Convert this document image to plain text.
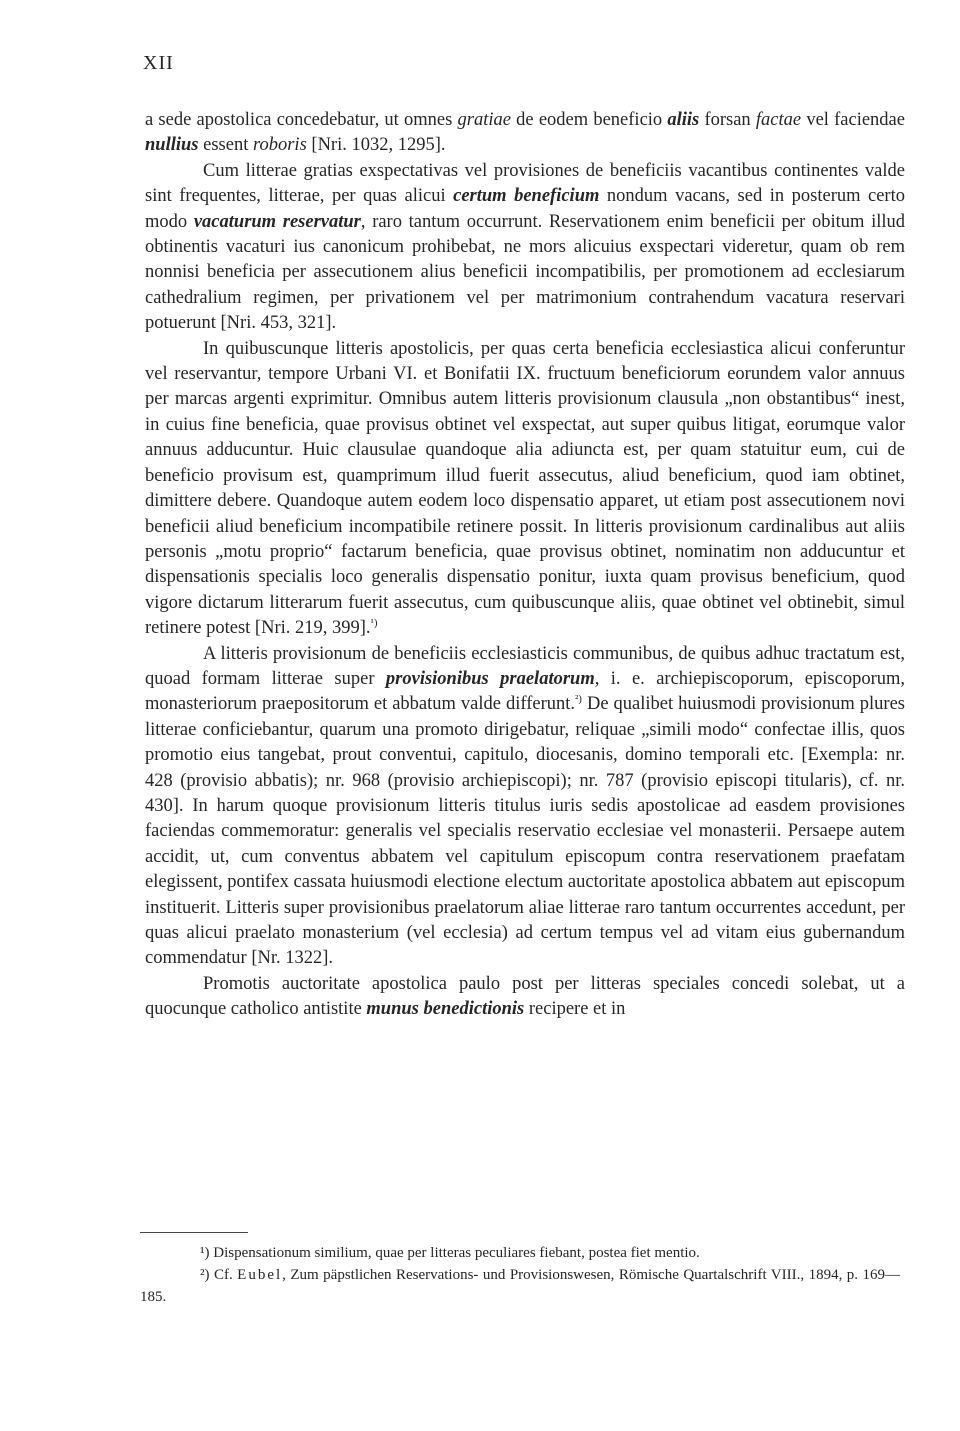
XII

a sede apostolica concedebatur, ut omnes gratiae de eodem beneficio aliis forsan factae vel faciendae nullius essent roboris [Nri. 1032, 1295].

Cum litterae gratias exspectativas vel provisiones de beneficiis vacantibus continentes valde sint frequentes, litterae, per quas alicui certum beneficium nondum vacans, sed in posterum certo modo vacaturum reservatur, raro tantum occurrunt. Reservationem enim beneficii per obitum illud obtinentis vacaturi ius canonicum prohibebat, ne mors alicuius exspectari videretur, quam ob rem nonnisi beneficia per assecutionem alius beneficii incompatibilis, per promotionem ad ecclesiarum cathedralium regimen, per privationem vel per matrimonium contrahendum vacatura reservari potuerunt [Nri. 453, 321].

In quibuscunque litteris apostolicis, per quas certa beneficia ecclesiastica alicui conferuntur vel reservantur, tempore Urbani VI. et Bonifatii IX. fructuum beneficiorum eorundem valor annuus per marcas argenti exprimitur. Omnibus autem litteris provisionum clausula „non obstantibus“ inest, in cuius fine beneficia, quae provisus obtinet vel exspectat, aut super quibus litigat, eorumque valor annuus adducuntur. Huic clausulae quandoque alia adiuncta est, per quam statuitur eum, cui de beneficio provisum est, quamprimum illud fuerit assecutus, aliud beneficium, quod iam obtinet, dimittere debere. Quandoque autem eodem loco dispensatio apparet, ut etiam post assecutionem novi beneficii aliud beneficium incompatibile retinere possit. In litteris provisionum cardinalibus aut aliis personis „motu proprio“ factarum beneficia, quae provisus obtinet, nominatim non adducuntur et dispensationis specialis loco generalis dispensatio ponitur, iuxta quam provisus beneficium, quod vigore dictarum litterarum fuerit assecutus, cum quibuscunque aliis, quae obtinet vel obtinebit, simul retinere potest [Nri. 219, 399].$^{^1)}$

A litteris provisionum de beneficiis ecclesiasticis communibus, de quibus adhuc tractatum est, quoad formam litterae super provisionibus praelatorum, i. e. archiepiscoporum, episcoporum, monasteriorum praepositorum et abbatum valde differunt.$^{^2)}$ De qualibet huiusmodi provisionum plures litterae conficiebantur, quarum una promoto dirigebatur, reliquae „simili modo“ confectae illis, quos promotio eius tangebat, prout conventui, capitulo, diocesanis, domino temporali etc. [Exempla: nr. 428 (provisio abbatis); nr. 968 (provisio archiepiscopi); nr. 787 (provisio episcopi titularis), cf. nr. 430]. In harum quoque provisionum litteris titulus iuris sedis apostolicae ad easdem provisiones faciendas commemoratur: generalis vel specialis reservatio ecclesiae vel monasterii. Persaepe autem accidit, ut, cum conventus abbatem vel capitulum episcopum contra reservationem praefatam elegissent, pontifex cassata huiusmodi electione electum auctoritate apostolica abbatem aut episcopum instituerit. Litteris super provisionibus praelatorum aliae litterae raro tantum occurrentes accedunt, per quas alicui praelato monasterium (vel ecclesia) ad certum tempus vel ad vitam eius gubernandum commendatur [Nr. 1322].

Promotis auctoritate apostolica paulo post per litteras speciales concedi solebat, ut a quocunque catholico antistite munus benedictionis recipere et in

¹) Dispensationum similium, quae per litteras peculiares fiebant, postea fiet mentio.

²) Cf. Eubel, Zum päpstlichen Reservations- und Provisionswesen, Römische Quartalschrift VIII., 1894, p. 169—185.
